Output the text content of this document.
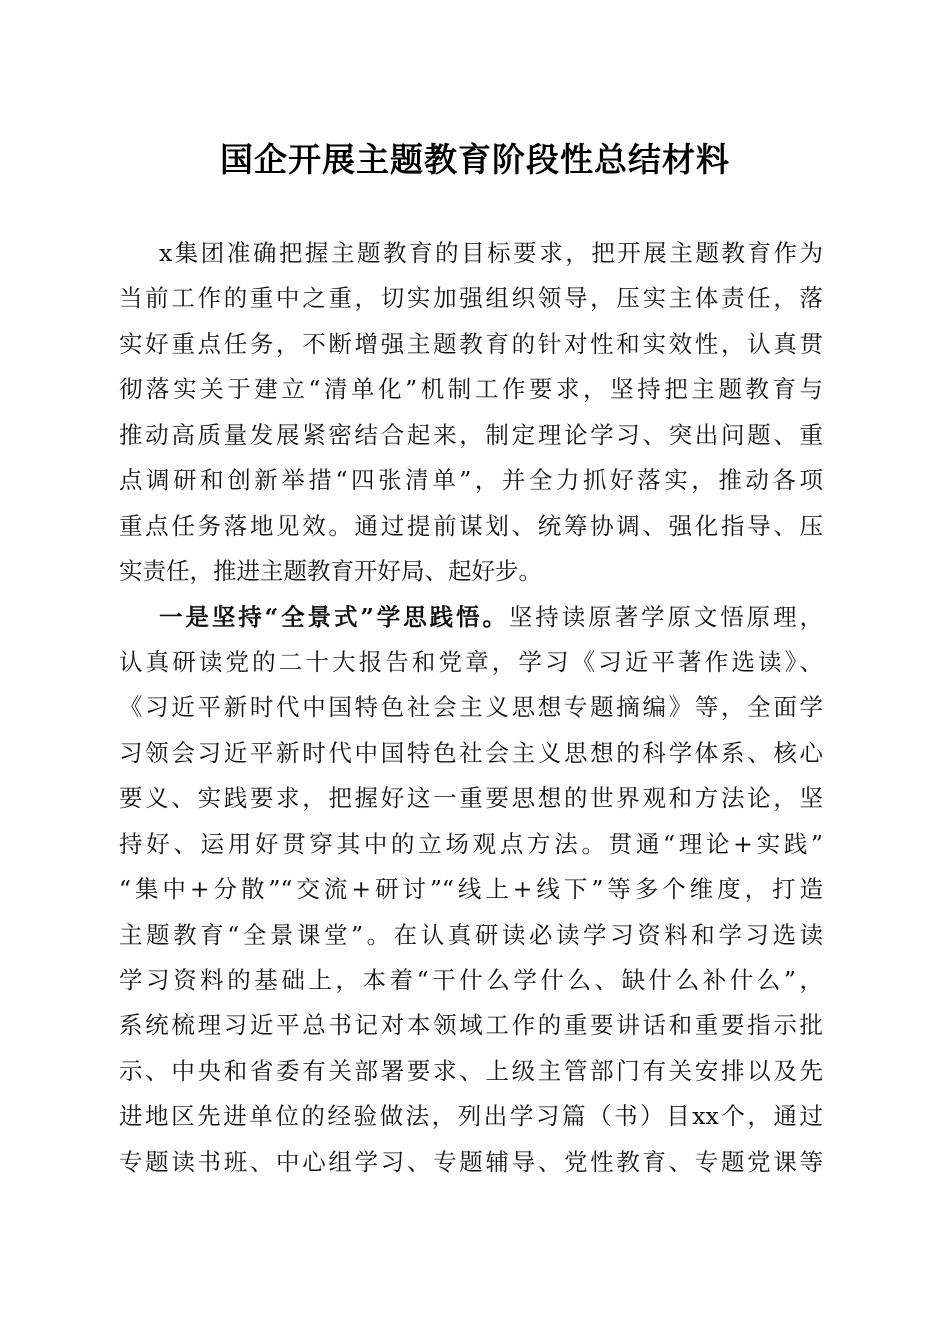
国企开展主题教育阶段性总结材料
x集团准确把握主题教育的目标要求，把开展主题教育作为
当前工作的重中之重，切实加强组织领导，压实主体责任，落
实好重点任务，不断增强主题教育的针对性和实效性，认真贯
彻落实关于建立“清单化”机制工作要求，坚持把主题教育与
推动高质量发展紧密结合起来，制定理论学习、突出问题、重
点调研和创新举措“四张清单”，并全力抓好落实，推动各项
重点任务落地见效。通过提前谋划、统筹协调、强化指导、压
实责任，推进主题教育开好局、起好步。
一是坚持“全景式”学思践悟。坚持读原著学原文悟原理，
认真研读党的二十大报告和党章，学习《习近平著作选读》、
《习近平新时代中国特色社会主义思想专题摘编》等，全面学
习领会习近平新时代中国特色社会主义思想的科学体系、核心
要义、实践要求，把握好这一重要思想的世界观和方法论，坚
持好、运用好贯穿其中的立场观点方法。贯通“理论+实践”
“集中+分散”“交流+研讨”“线上+线下”等多个维度，打造
主题教育“全景课堂”。在认真研读必读学习资料和学习选读
学习资料的基础上，本着“干什么学什么、缺什么补什么”，
系统梳理习近平总书记对本领域工作的重要讲话和重要指示批
示、中央和省委有关部署要求、上级主管部门有关安排以及先
进地区先进单位的经验做法，列出学习篇（书）目xx个，通过
专题读书班、中心组学习、专题辅导、党性教育、专题党课等
